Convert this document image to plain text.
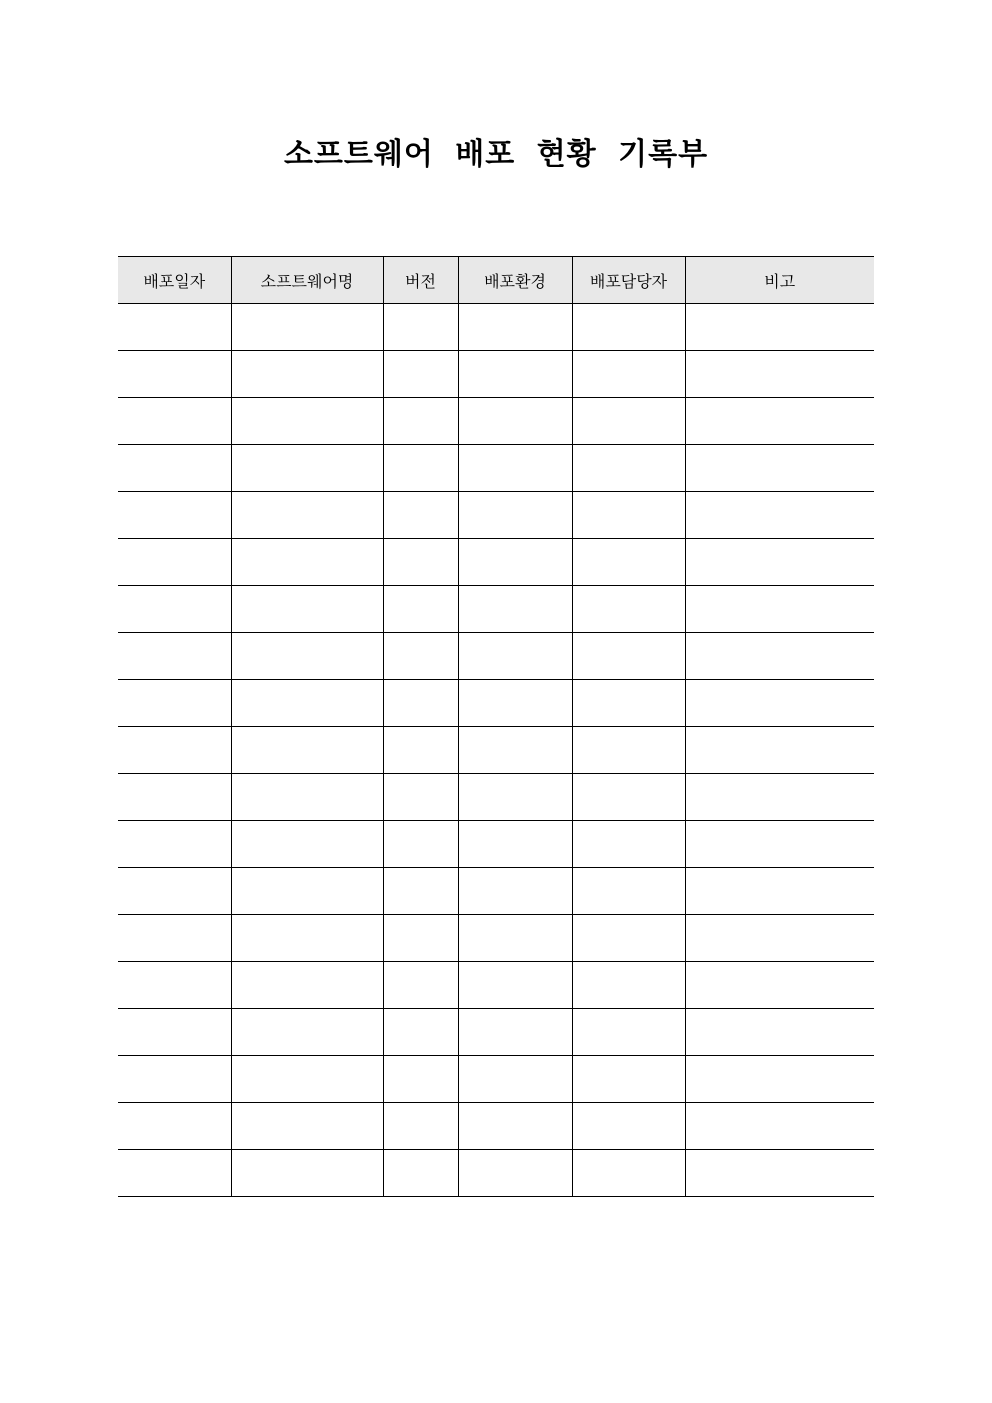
소프트웨어 배포 현황 기록부
배포일자	소프트웨어명	버전	배포환경	배포담당자	비고
